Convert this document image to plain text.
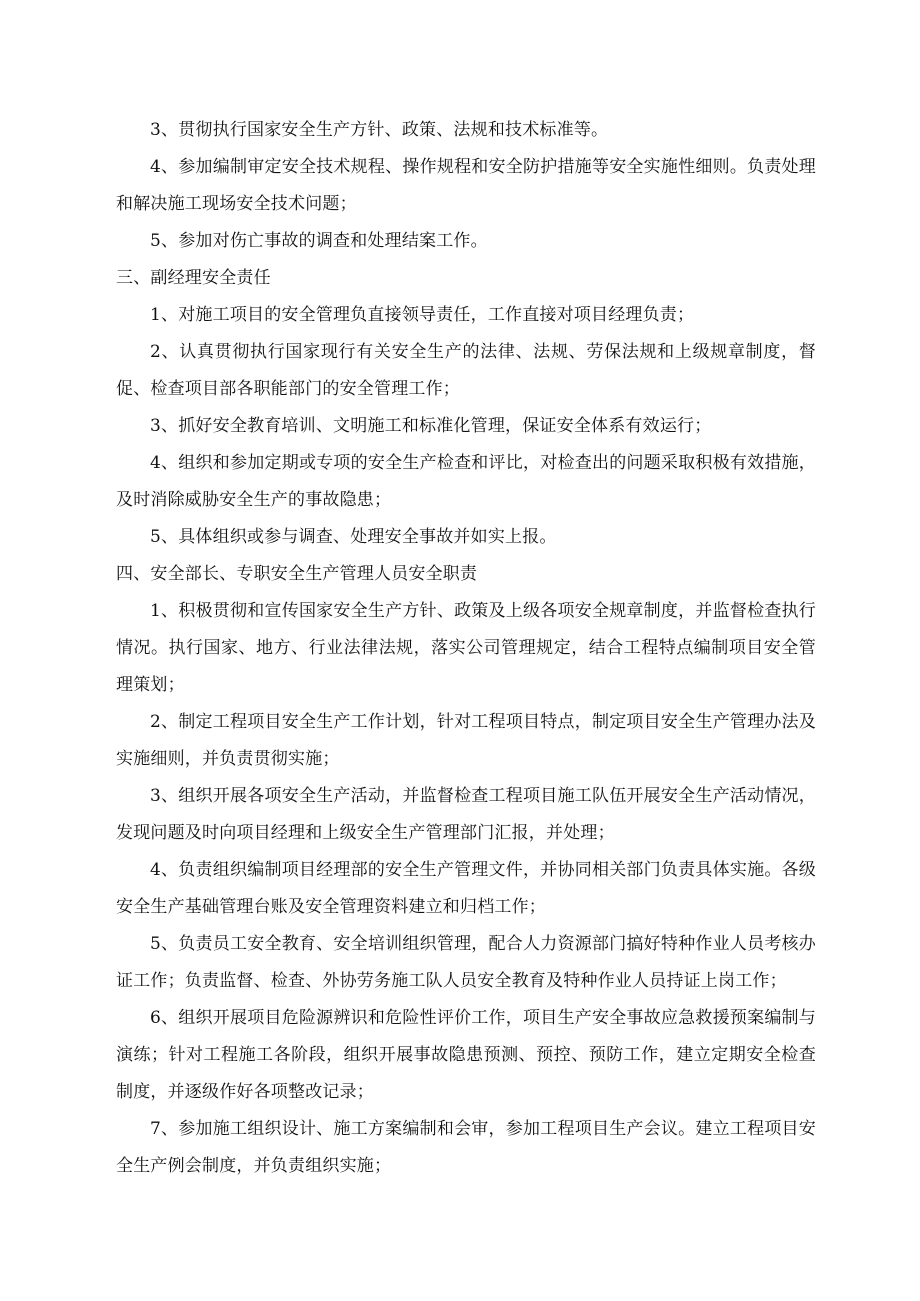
3、贯彻执行国家安全生产方针、政策、法规和技术标准等。

4、参加编制审定安全技术规程、操作规程和安全防护措施等安全实施性细则。负责处理和解决施工现场安全技术问题；

5、参加对伤亡事故的调查和处理结案工作。

三、副经理安全责任

1、对施工项目的安全管理负直接领导责任，工作直接对项目经理负责；

2、认真贯彻执行国家现行有关安全生产的法律、法规、劳保法规和上级规章制度，督促、检查项目部各职能部门的安全管理工作；

3、抓好安全教育培训、文明施工和标准化管理，保证安全体系有效运行；

4、组织和参加定期或专项的安全生产检查和评比，对检查出的问题采取积极有效措施，及时消除威胁安全生产的事故隐患；

5、具体组织或参与调查、处理安全事故并如实上报。

四、安全部长、专职安全生产管理人员安全职责

1、积极贯彻和宣传国家安全生产方针、政策及上级各项安全规章制度，并监督检查执行情况。执行国家、地方、行业法律法规，落实公司管理规定，结合工程特点编制项目安全管理策划；

2、制定工程项目安全生产工作计划，针对工程项目特点，制定项目安全生产管理办法及实施细则，并负责贯彻实施；

3、组织开展各项安全生产活动，并监督检查工程项目施工队伍开展安全生产活动情况，发现问题及时向项目经理和上级安全生产管理部门汇报，并处理；

4、负责组织编制项目经理部的安全生产管理文件，并协同相关部门负责具体实施。各级安全生产基础管理台账及安全管理资料建立和归档工作；

5、负责员工安全教育、安全培训组织管理，配合人力资源部门搞好特种作业人员考核办证工作；负责监督、检查、外协劳务施工队人员安全教育及特种作业人员持证上岗工作；

6、组织开展项目危险源辨识和危险性评价工作，项目生产安全事故应急救援预案编制与演练；针对工程施工各阶段，组织开展事故隐患预测、预控、预防工作，建立定期安全检查制度，并逐级作好各项整改记录；

7、参加施工组织设计、施工方案编制和会审，参加工程项目生产会议。建立工程项目安全生产例会制度，并负责组织实施；
